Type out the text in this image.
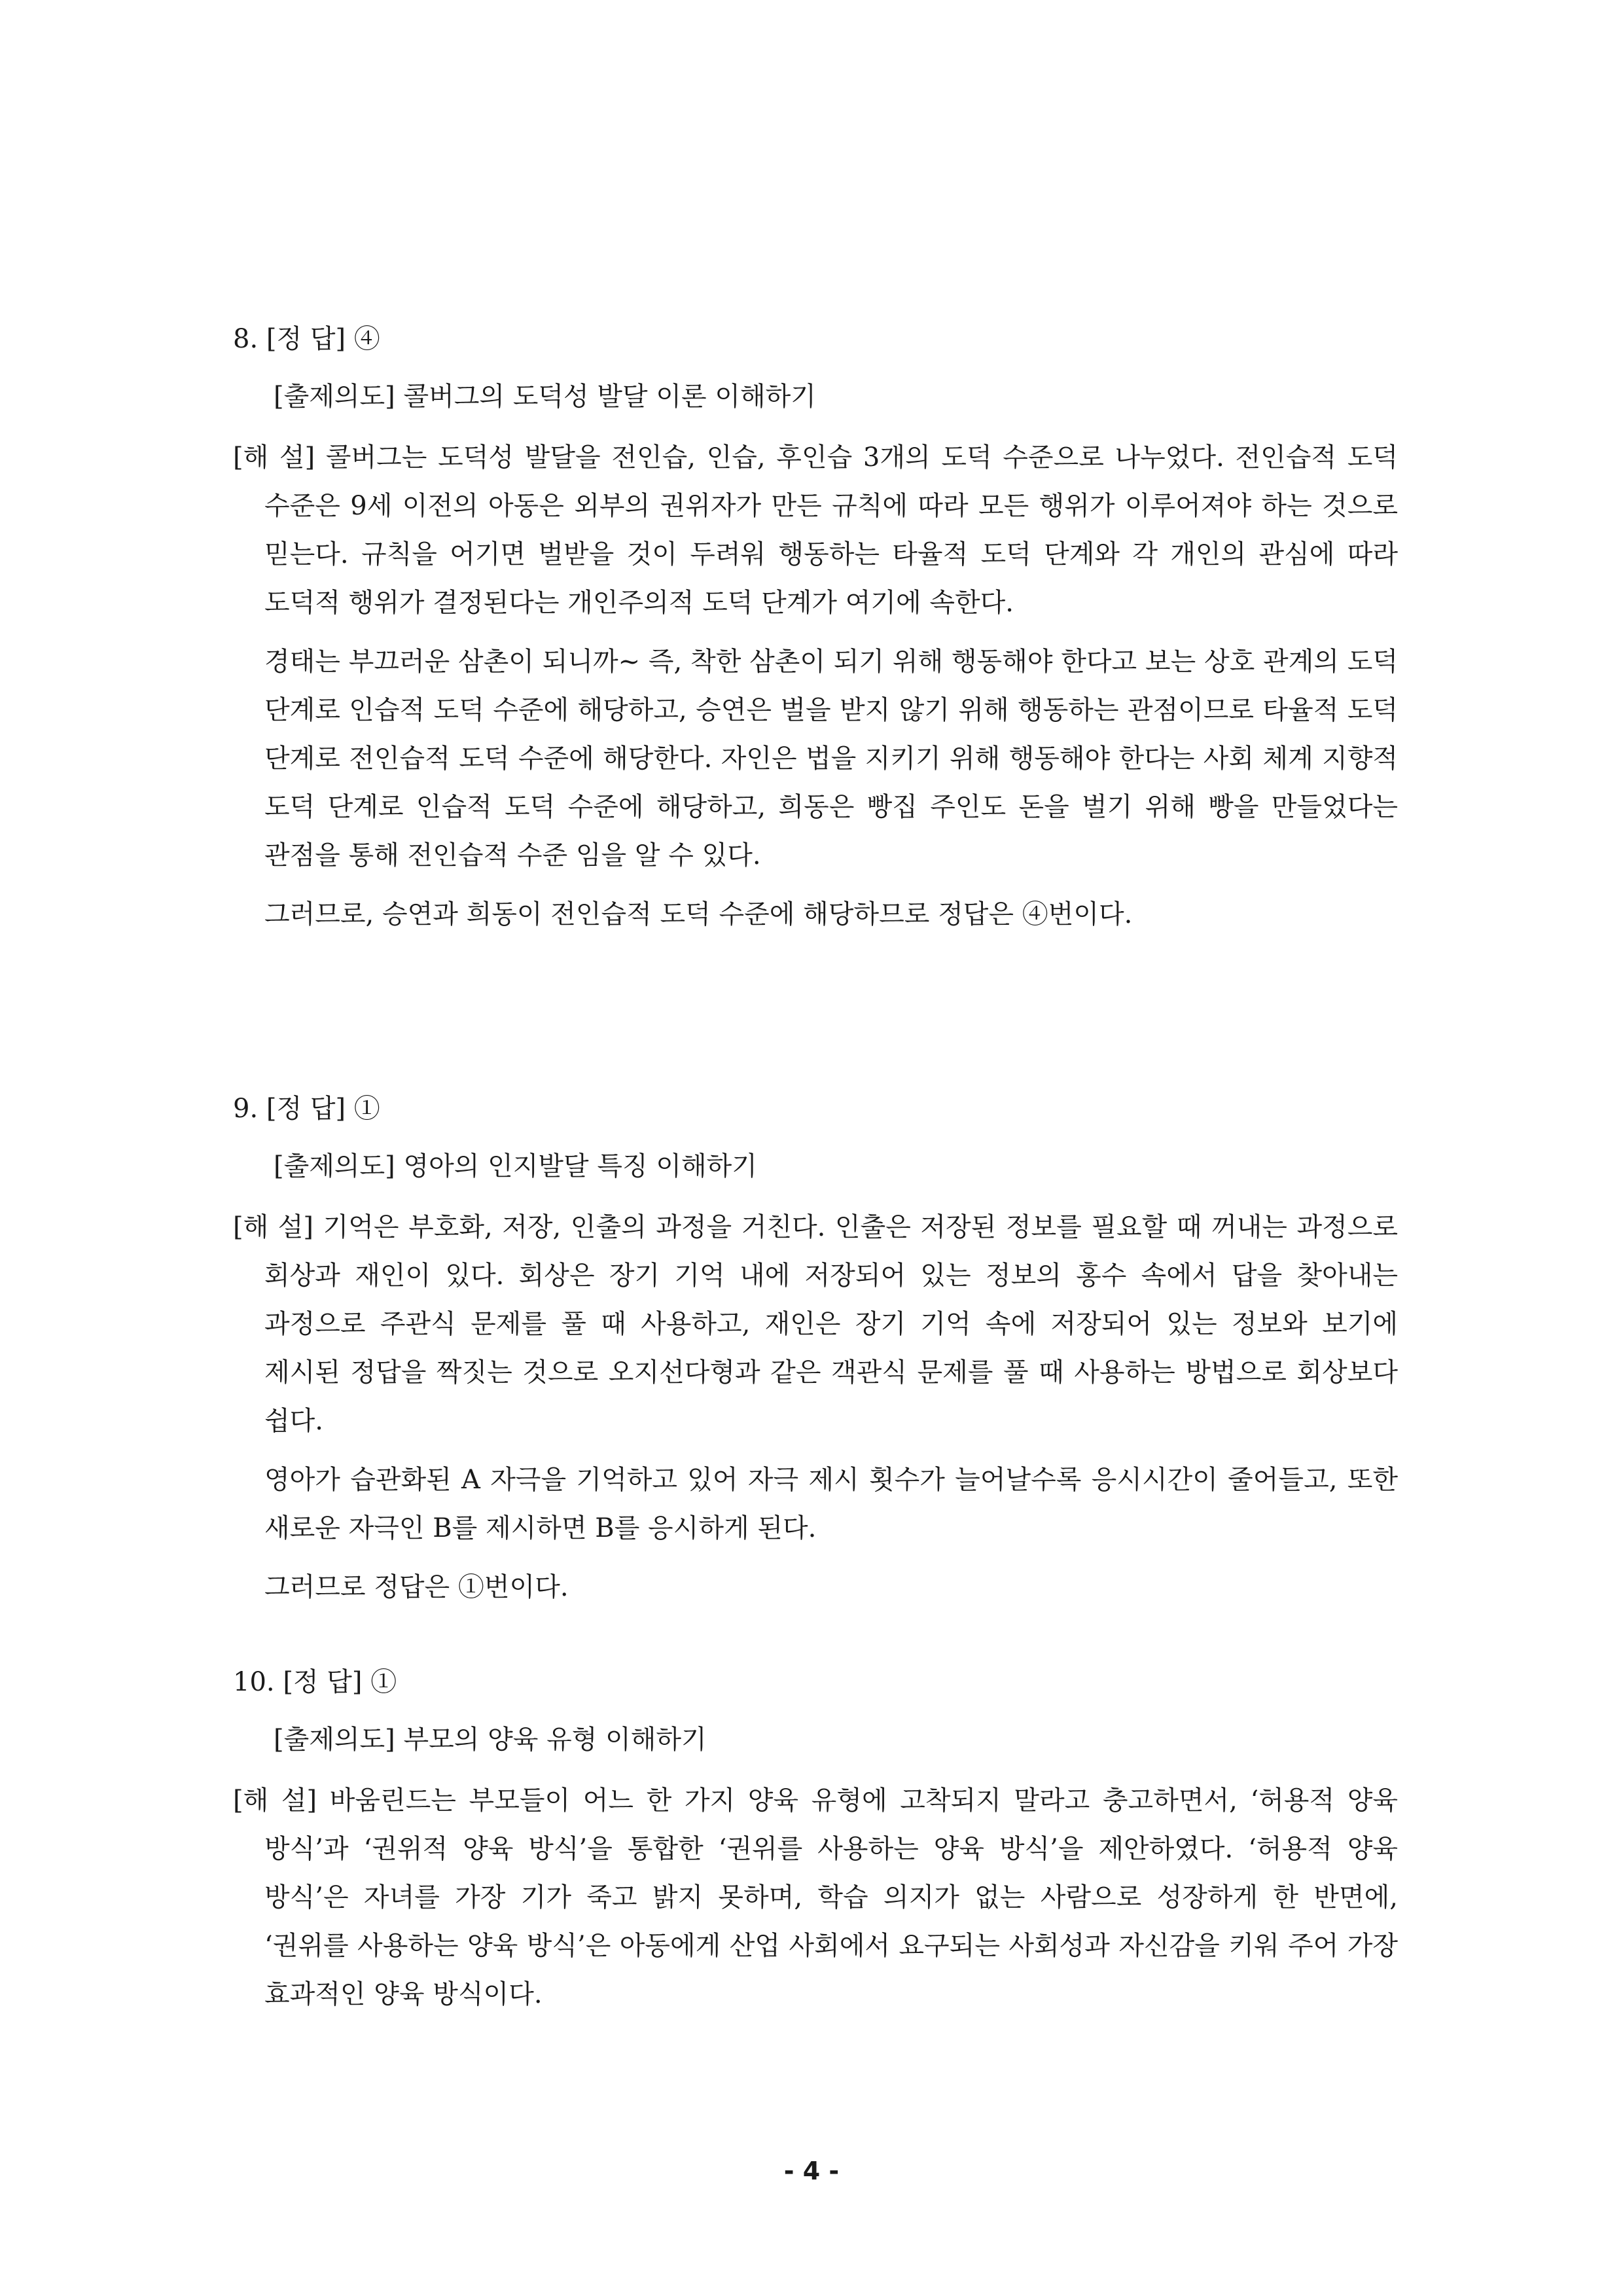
8. [정 답] ④
[출제의도] 콜버그의 도덕성 발달 이론 이해하기

[해 설] 콜버그는 도덕성 발달을 전인습, 인습, 후인습 3개의 도덕 수준으로 나누었다. 전인습적 도덕 수준은 9세 이전의 아동은 외부의 권위자가 만든 규칙에 따라 모든 행위가 이루어져야 하는 것으로 믿는다. 규칙을 어기면 벌받을 것이 두려워 행동하는 타율적 도덕 단계와 각 개인의 관심에 따라 도덕적 행위가 결정된다는 개인주의적 도덕 단계가 여기에 속한다.

경태는 부끄러운 삼촌이 되니까~ 즉, 착한 삼촌이 되기 위해 행동해야 한다고 보는 상호 관계의 도덕 단계로 인습적 도덕 수준에 해당하고, 승연은 벌을 받지 않기 위해 행동하는 관점이므로 타율적 도덕 단계로 전인습적 도덕 수준에 해당한다. 자인은 법을 지키기 위해 행동해야 한다는 사회 체계 지향적 도덕 단계로 인습적 도덕 수준에 해당하고, 희동은 빵집 주인도 돈을 벌기 위해 빵을 만들었다는 관점을 통해 전인습적 수준 임을 알 수 있다.

그러므로, 승연과 희동이 전인습적 도덕 수준에 해당하므로 정답은 ④번이다.

9. [정 답] ①
[출제의도] 영아의 인지발달 특징 이해하기

[해 설] 기억은 부호화, 저장, 인출의 과정을 거친다. 인출은 저장된 정보를 필요할 때 꺼내는 과정으로 회상과 재인이 있다. 회상은 장기 기억 내에 저장되어 있는 정보의 홍수 속에서 답을 찾아내는 과정으로 주관식 문제를 풀 때 사용하고, 재인은 장기 기억 속에 저장되어 있는 정보와 보기에 제시된 정답을 짝짓는 것으로 오지선다형과 같은 객관식 문제를 풀 때 사용하는 방법으로 회상보다 쉽다.

영아가 습관화된 A 자극을 기억하고 있어 자극 제시 횟수가 늘어날수록 응시시간이 줄어들고, 또한 새로운 자극인 B를 제시하면 B를 응시하게 된다.

그러므로 정답은 ①번이다.

10. [정 답] ①
[출제의도] 부모의 양육 유형 이해하기

[해 설] 바움린드는 부모들이 어느 한 가지 양육 유형에 고착되지 말라고 충고하면서, ‘허용적 양육 방식’과 ‘권위적 양육 방식’을 통합한 ‘권위를 사용하는 양육 방식’을 제안하였다. ‘허용적 양육 방식’은 자녀를 가장 기가 죽고 밝지 못하며, 학습 의지가 없는 사람으로 성장하게 한 반면에, ‘권위를 사용하는 양육 방식’은 아동에게 산업 사회에서 요구되는 사회성과 자신감을 키워 주어 가장 효과적인 양육 방식이다.

- 4 -
